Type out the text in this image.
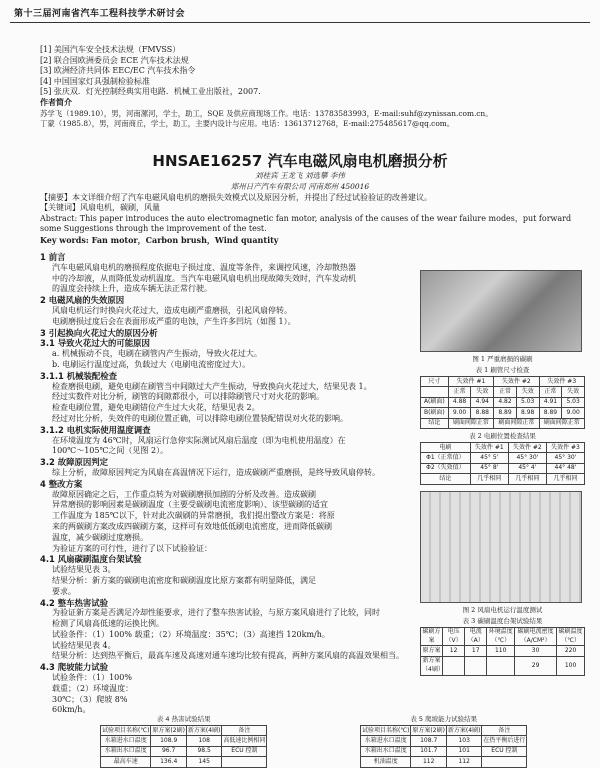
第十三届河南省汽车工程科技学术研讨会
[1] 美国汽车安全技术法规（FMVSS）
[2] 联合国欧洲委员会 ECE 汽车技术法规
[3] 欧洲经济共同体 EEC/EC 汽车技术指令
[4] 中国国家灯具强制检验标准
[5] 张庆双．灯光控制经典实用电路．机械工业出版社，2007.
作者简介
苏学飞（1989.10），男，河南漯河，学士，助工，SQE 及供应商现场工作。电话：13783583993，E-mail:suhf@zynissan.com.cn。
丁蒙（1985.8），男，河南商丘，学士，助工，主要内设计与应用。电话：13613712768，E-mail:275485617@qq.com。
HNSAE16257 汽车电磁风扇电机磨损分析
刘桂宾 王龙飞 刘选攀 李伟
郑州日产汽车有限公司 河南郑州 450016

【摘要】本文详细介绍了汽车电磁风扇电机的磨损失效模式以及原因分析，并提出了经过试验验证的改善建议。

【关键词】风扇电机，碳刷，风量

Abstract: This paper introduces the auto electromagnetic fan motor, analysis of the causes of the wear failure modes，put forward some Suggestions through the improvement of the test.

Key words: Fan motor，Carbon brush，Wind quantity

1 前言

汽车电磁风扇电机的磨损程度依据电子损过度、温度等条件，来调控风速，冷却散热器

中的冷却液，从而降低发动机温度。当汽车电磁风扇电机出现故障失效时，汽车发动机

的温度会持续上升，造成车辆无法正常行驶。

2 电磁风扇的失效原因

风扇电机运行时换向火花过大，造成电刷严重磨损，引起风扇停转。

电刷磨损过度后会在表面形成严重的电蚀，产生许多凹坑（如图 1）。

3 引起换向火花过大的原因分析

3.1 导致火花过大的可能原因

a. 机械振动不良，电刷在刷管内产生振动，导致火花过大。

b. 电刷运行温度过高，负载过大（电刷电流密度过大）。

3.1.1 机械装配检查

检查磨损电刷，避免电刷在刷管当中间隙过大产生振动，导致换向火花过大，结果见表 1。

经过实数件对比分析，刷管的间隙都很小，可以排除刷管尺寸对火花的影响。

检查电刷位置，避免电刷错位产生过大火花，结果见表 2。

经过对比分析，失效件的电刷位置正确，可以排除电刷位置装配错误对火花的影响。

3.1.2 电机实际使用温度调查

在环境温度为 46℃时，风扇运行急停实际测试风扇后温度（即为电机使用温度）在

100℃～105℃之间（见图 2）。

3.2 故障原因判定

综上分析，故障原因判定为风扇在高温情况下运行，造成碳刷严重磨损，是终导致风扇停转。

4 整改方案

故障原因确定之后，工作重点转为对碳刷磨损加剧的分析及改善。造成碳刷

异常磨损的影响因素是碳刷温度（主要受碳刷电流密度影响）、该型碳刷的适宜

工作温度为 185℃以下，针对此次碳刷的异常磨损，我们提出整改方案是：将原

来的两碳刷方案改成四碳刷方案，这样可有效地低低刷电流密度，进而降低碳刷

温度，减少碳刷过度磨损。

为验证方案的可行性，进行了以下试验验证：

4.1 风扇碳刷温度台架试验

试验结果见表 3。

结果分析：新方案的碳刷电流密度和碳刷温度比原方案都有明显降低，满足

要求。

4.2 整车热害试验

为验证新方案是否满足冷却性能要求，进行了整车热害试验，与原方案风扇进行了比较，同时

检测了风扇高低速的运换比例。

试验条件：（1）100% 载重；（2）环境温度：35℃；（3）高速挡 120km/h。

试验结果见表 4。

结果分析：达到热平衡后，最高车速及高速对通车速均比较有提高，两种方案风扇的高温效果相当。

4.3 爬坡能力试验

试验条件：（1）100% 载重；（2）环境温度：30℃；（3）爬坡 8% 60km/h。

图 1 严重磨损的碳刷
表 1 刷管尺寸检查
尺寸	失效件 #1		失效件 #2		失效件 #3	
	正常	失效	正常	失效	正常	失效
A(刷面)	4.88	4.94	4.82	5.03	4.91	5.03
B(刷面)	9.00	8.88	8.89	8.98	8.89	9.00
结论	刷面间隙正常		刷面间隙正常		刷面间隙正常	
表 2 电刷位置检查结果
电刷	失效件 #1	失效件 #2	失效件 #3
Φ1（正常值）	45° 5'	45° 30'	45° 30'
Φ2（失效值）	45° 8'	45° 4'	44° 48'
结论	几乎相同	几乎相同	几乎相同
图 2 风扇电机运行温度测试
表 3 碳刷温度台架试验结果
碳刷方案	电压（V）	电流（A）	环境温度（℃）	碳刷电流密度（A/CM²）	碳刷温度（℃）
原方案	12	17	110	30	220
新方案（4刷）				29	100
表 4 热害试验结果
试验项目名称(℃)	原方案(2刷)	新方案(4刷)	备注
水箱进水口温度	108.9	108	高低速比例相同
水箱出水口温度	96.7	98.5	ECU 控制
最高车速	136.4	145	
表 5 爬坡能力试验结果
试验项目名称(℃)	原方案(2刷)	新方案(4刷)	备注
水箱进水口温度	108.7	103	在热平衡后进行
水箱出水口温度	101.7	101	ECU 控制
机油温度	112	112	
